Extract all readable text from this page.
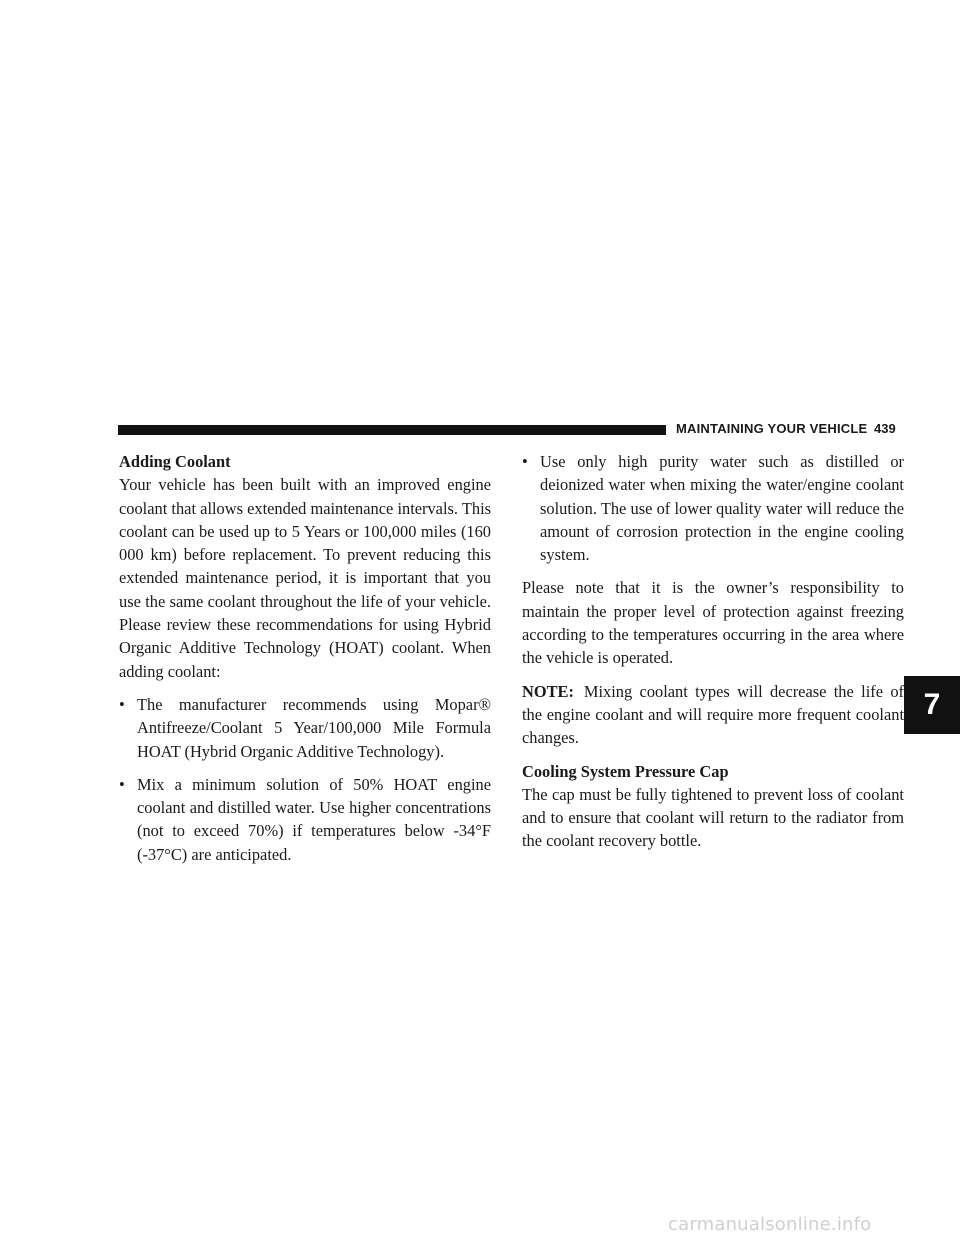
MAINTAINING YOUR VEHICLE 439
Adding Coolant

Your vehicle has been built with an improved engine coolant that allows extended maintenance intervals. This coolant can be used up to 5 Years or 100,000 miles (160 000 km) before replacement. To prevent reducing this extended maintenance period, it is important that you use the same coolant throughout the life of your vehicle. Please review these recommendations for using Hybrid Organic Additive Technology (HOAT) coolant. When adding coolant:

• The manufacturer recommends using Mopar® Antifreeze/Coolant 5 Year/100,000 Mile Formula HOAT (Hybrid Organic Additive Technology).
• Mix a minimum solution of 50% HOAT engine coolant and distilled water. Use higher concentrations (not to exceed 70%) if temperatures below -34°F (-37°C) are anticipated.
• Use only high purity water such as distilled or deionized water when mixing the water/engine coolant solution. The use of lower quality water will reduce the amount of corrosion protection in the engine cooling system.

Please note that it is the owner’s responsibility to maintain the proper level of protection against freezing according to the temperatures occurring in the area where the vehicle is operated.

NOTE: Mixing coolant types will decrease the life of the engine coolant and will require more frequent coolant changes.

Cooling System Pressure Cap

The cap must be fully tightened to prevent loss of coolant and to ensure that coolant will return to the radiator from the coolant recovery bottle.

7
carmanualsonline.info
